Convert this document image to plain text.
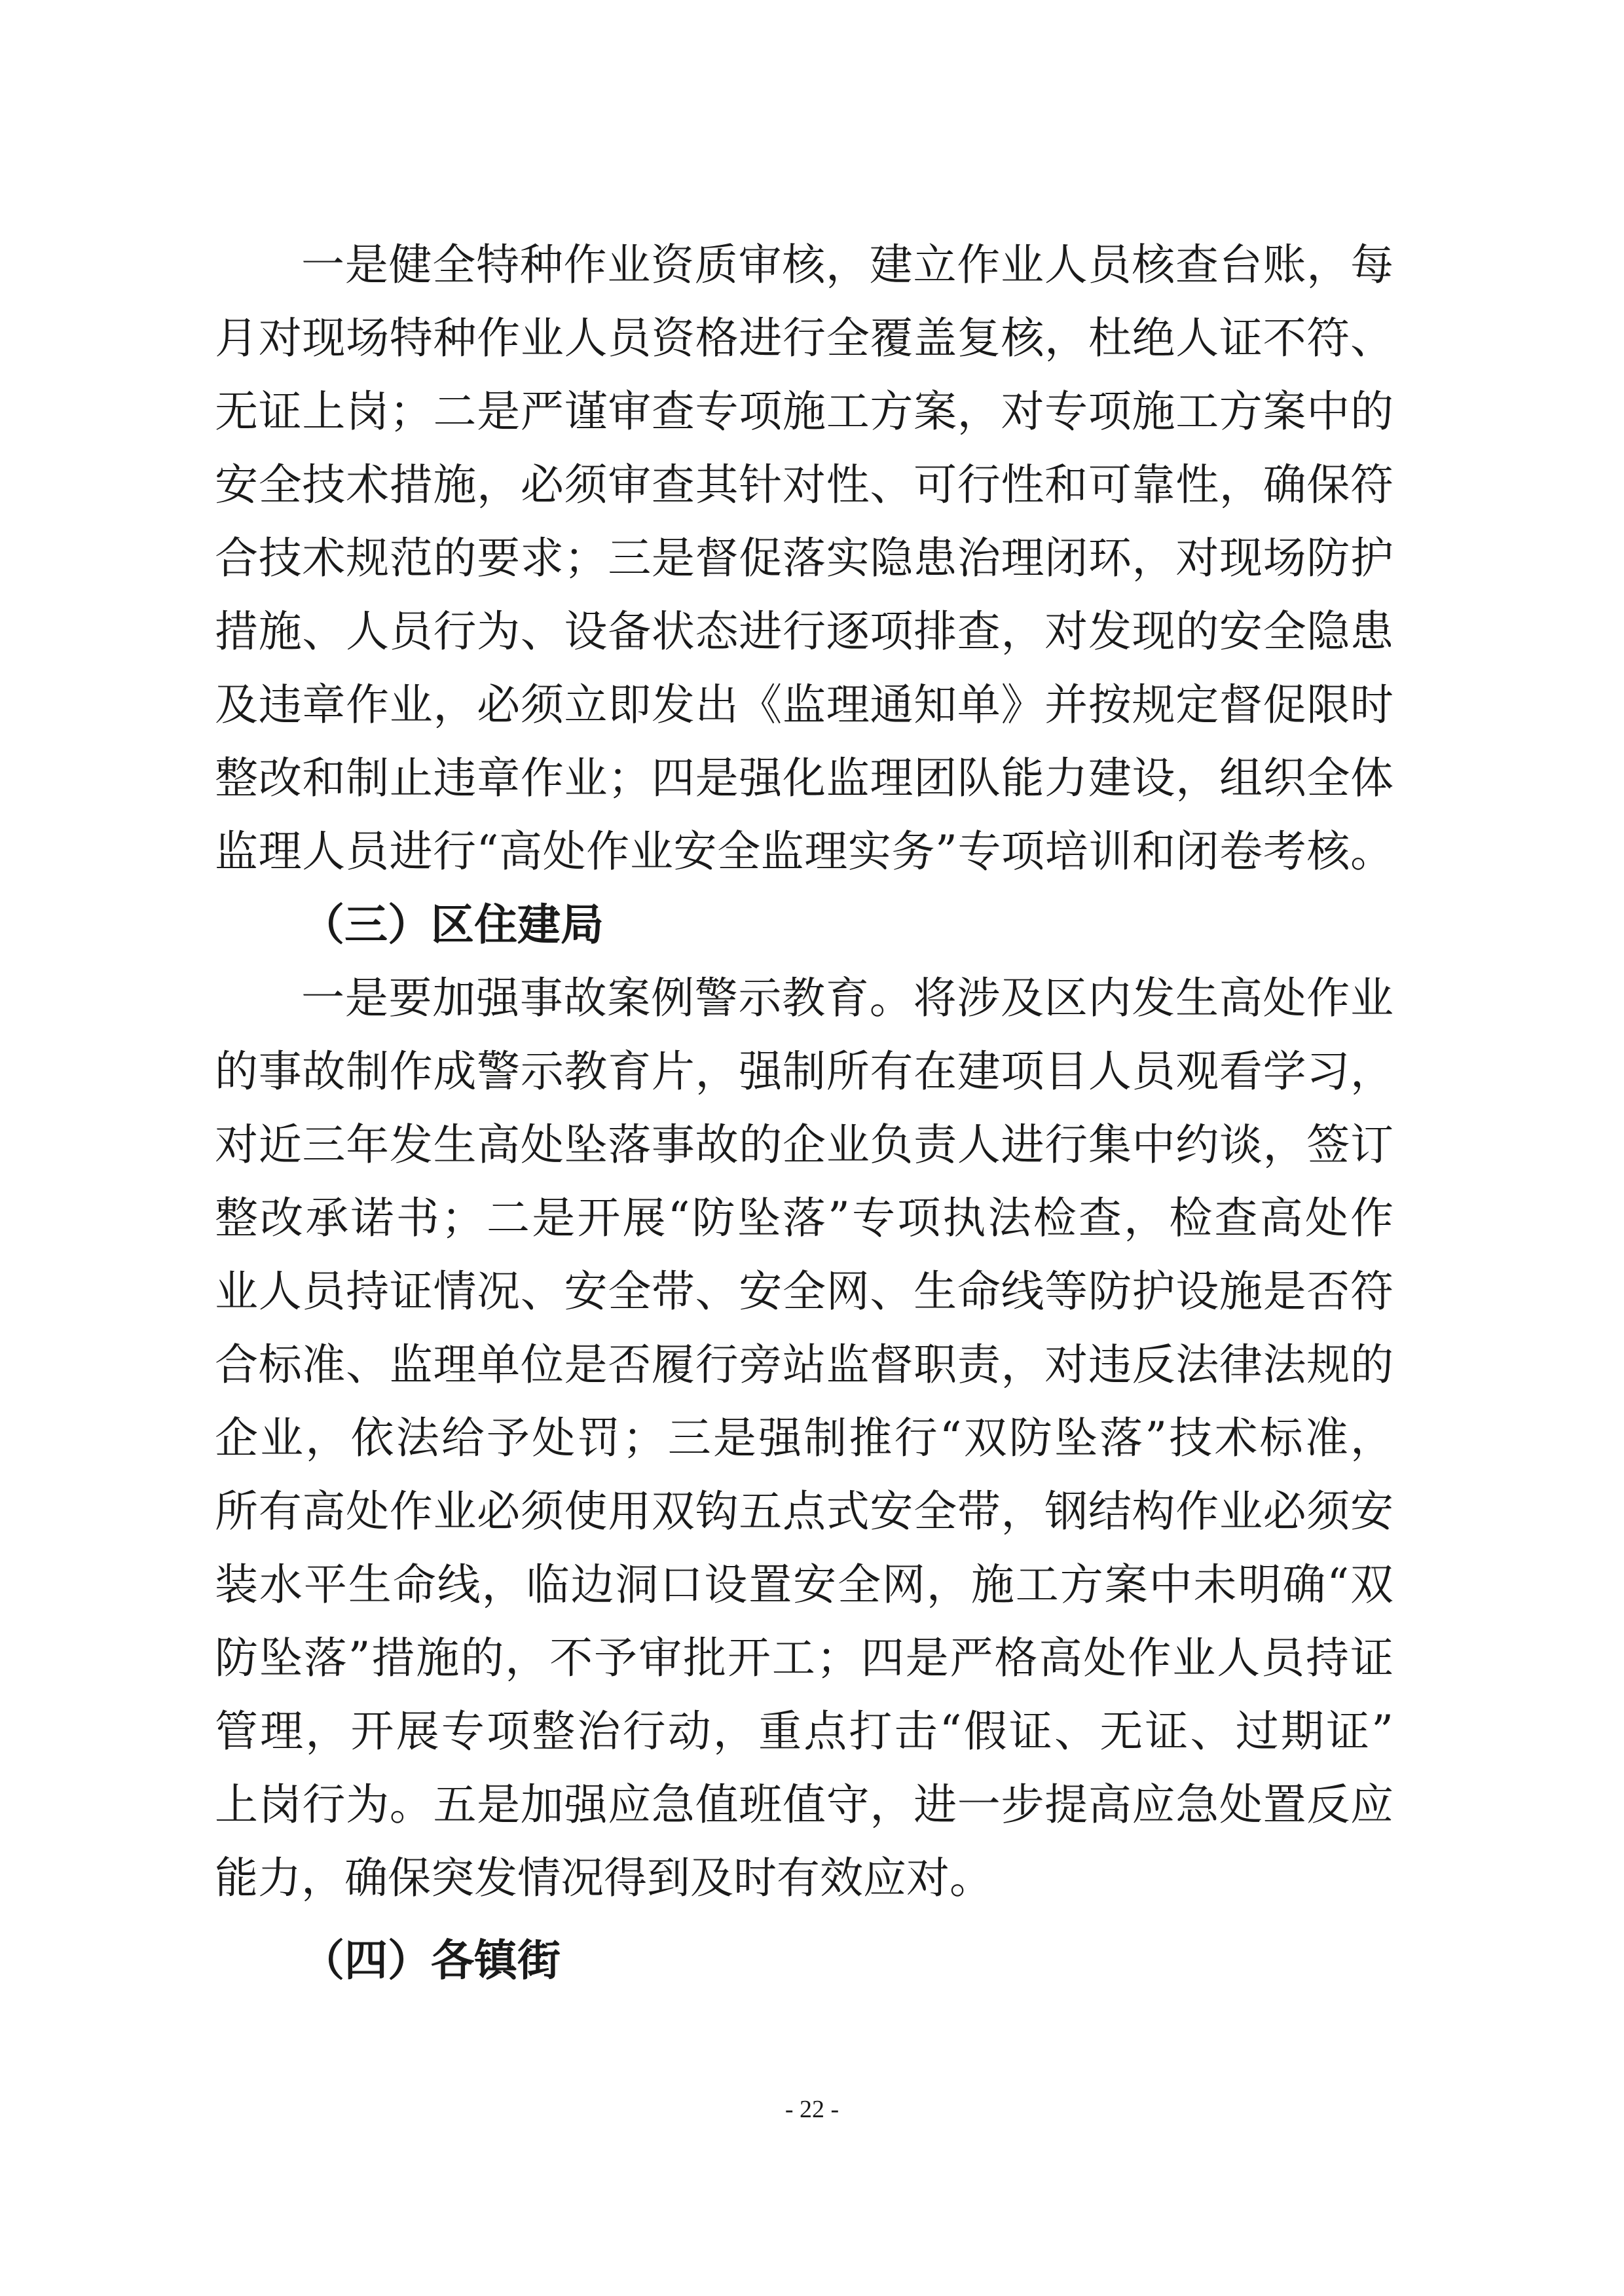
一是健全特种作业资质审核，建立作业人员核查台账，每
月对现场特种作业人员资格进行全覆盖复核，杜绝人证不符、
无证上岗；二是严谨审查专项施工方案，对专项施工方案中的
安全技术措施，必须审查其针对性、可行性和可靠性，确保符
合技术规范的要求；三是督促落实隐患治理闭环，对现场防护
措施、人员行为、设备状态进行逐项排查，对发现的安全隐患
及违章作业，必须立即发出《监理通知单》并按规定督促限时
整改和制止违章作业；四是强化监理团队能力建设，组织全体
监理人员进行“高处作业安全监理实务”专项培训和闭卷考核。
（三）区住建局
一是要加强事故案例警示教育。将涉及区内发生高处作业
的事故制作成警示教育片，强制所有在建项目人员观看学习，
对近三年发生高处坠落事故的企业负责人进行集中约谈，签订
整改承诺书；二是开展“防坠落”专项执法检查，检查高处作
业人员持证情况、安全带、安全网、生命线等防护设施是否符
合标准、监理单位是否履行旁站监督职责，对违反法律法规的
企业，依法给予处罚；三是强制推行“双防坠落”技术标准，
所有高处作业必须使用双钩五点式安全带，钢结构作业必须安
装水平生命线，临边洞口设置安全网，施工方案中未明确“双
防坠落”措施的，不予审批开工；四是严格高处作业人员持证
管理，开展专项整治行动，重点打击“假证、无证、过期证”
上岗行为。五是加强应急值班值守，进一步提高应急处置反应
能力，确保突发情况得到及时有效应对。
（四）各镇街
- 22 -
